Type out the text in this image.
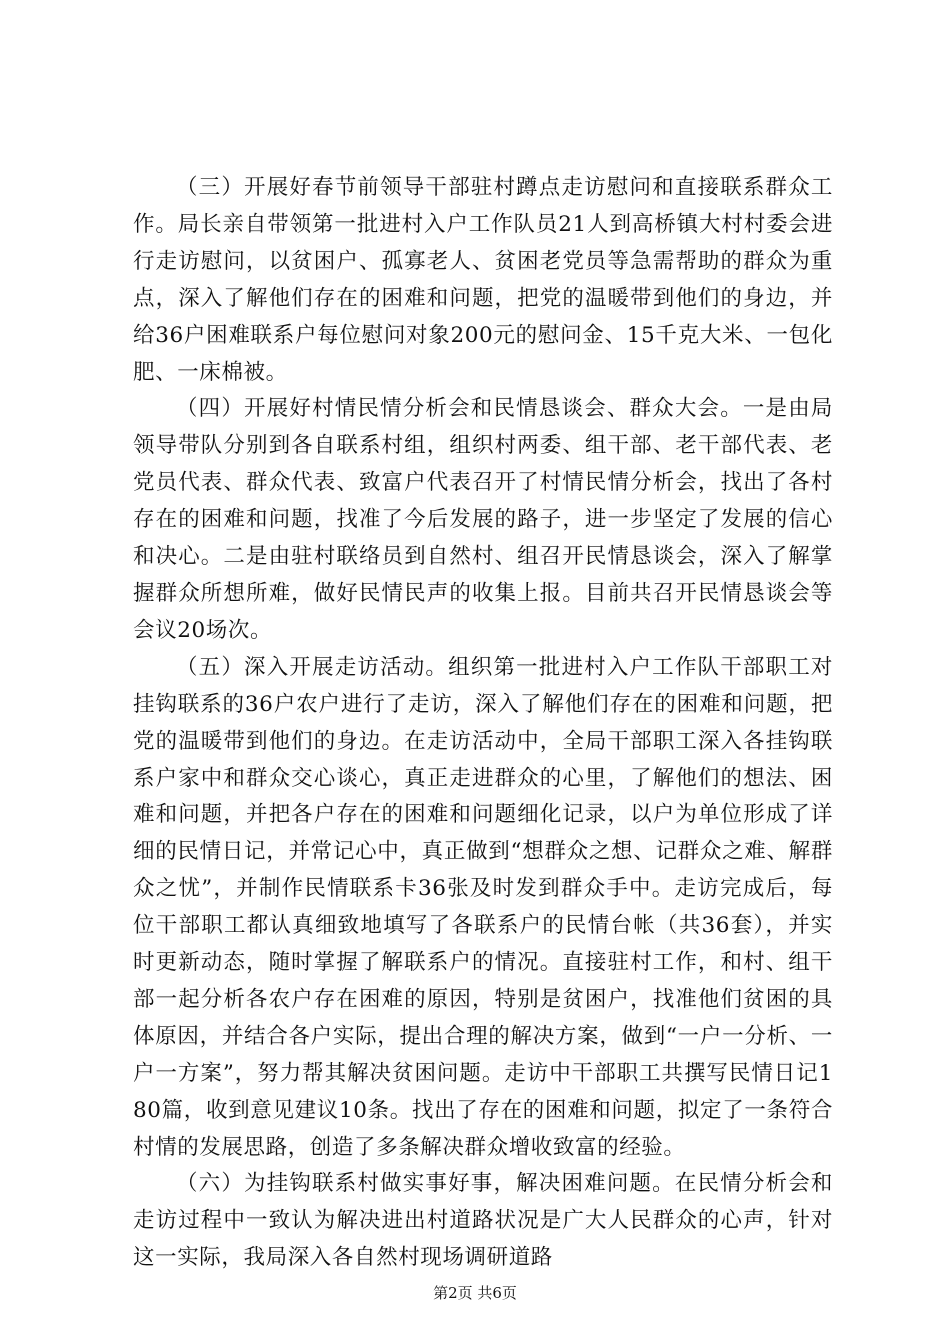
（三）开展好春节前领导干部驻村蹲点走访慰问和直接联系群众工作。局长亲自带领第一批进村入户工作队员21人到高桥镇大村村委会进行走访慰问，以贫困户、孤寡老人、贫困老党员等急需帮助的群众为重点，深入了解他们存在的困难和问题，把党的温暖带到他们的身边，并给36户困难联系户每位慰问对象200元的慰问金、15千克大米、一包化肥、一床棉被。

（四）开展好村情民情分析会和民情恳谈会、群众大会。一是由局领导带队分别到各自联系村组，组织村两委、组干部、老干部代表、老党员代表、群众代表、致富户代表召开了村情民情分析会，找出了各村存在的困难和问题，找准了今后发展的路子，进一步坚定了发展的信心和决心。二是由驻村联络员到自然村、组召开民情恳谈会，深入了解掌握群众所想所难，做好民情民声的收集上报。目前共召开民情恳谈会等会议20场次。

（五）深入开展走访活动。组织第一批进村入户工作队干部职工对挂钩联系的36户农户进行了走访，深入了解他们存在的困难和问题，把党的温暖带到他们的身边。在走访活动中，全局干部职工深入各挂钩联系户家中和群众交心谈心，真正走进群众的心里，了解他们的想法、困难和问题，并把各户存在的困难和问题细化记录，以户为单位形成了详细的民情日记，并常记心中，真正做到“想群众之想、记群众之难、解群众之忧”，并制作民情联系卡36张及时发到群众手中。走访完成后，每位干部职工都认真细致地填写了各联系户的民情台帐（共36套），并实时更新动态，随时掌握了解联系户的情况。直接驻村工作，和村、组干部一起分析各农户存在困难的原因，特别是贫困户，找准他们贫困的具体原因，并结合各户实际，提出合理的解决方案，做到“一户一分析、一户一方案”，努力帮其解决贫困问题。走访中干部职工共撰写民情日记180篇，收到意见建议10条。找出了存在的困难和问题，拟定了一条符合村情的发展思路，创造了多条解决群众增收致富的经验。

（六）为挂钩联系村做实事好事，解决困难问题。在民情分析会和走访过程中一致认为解决进出村道路状况是广大人民群众的心声，针对这一实际，我局深入各自然村现场调研道路

第2页 共6页
